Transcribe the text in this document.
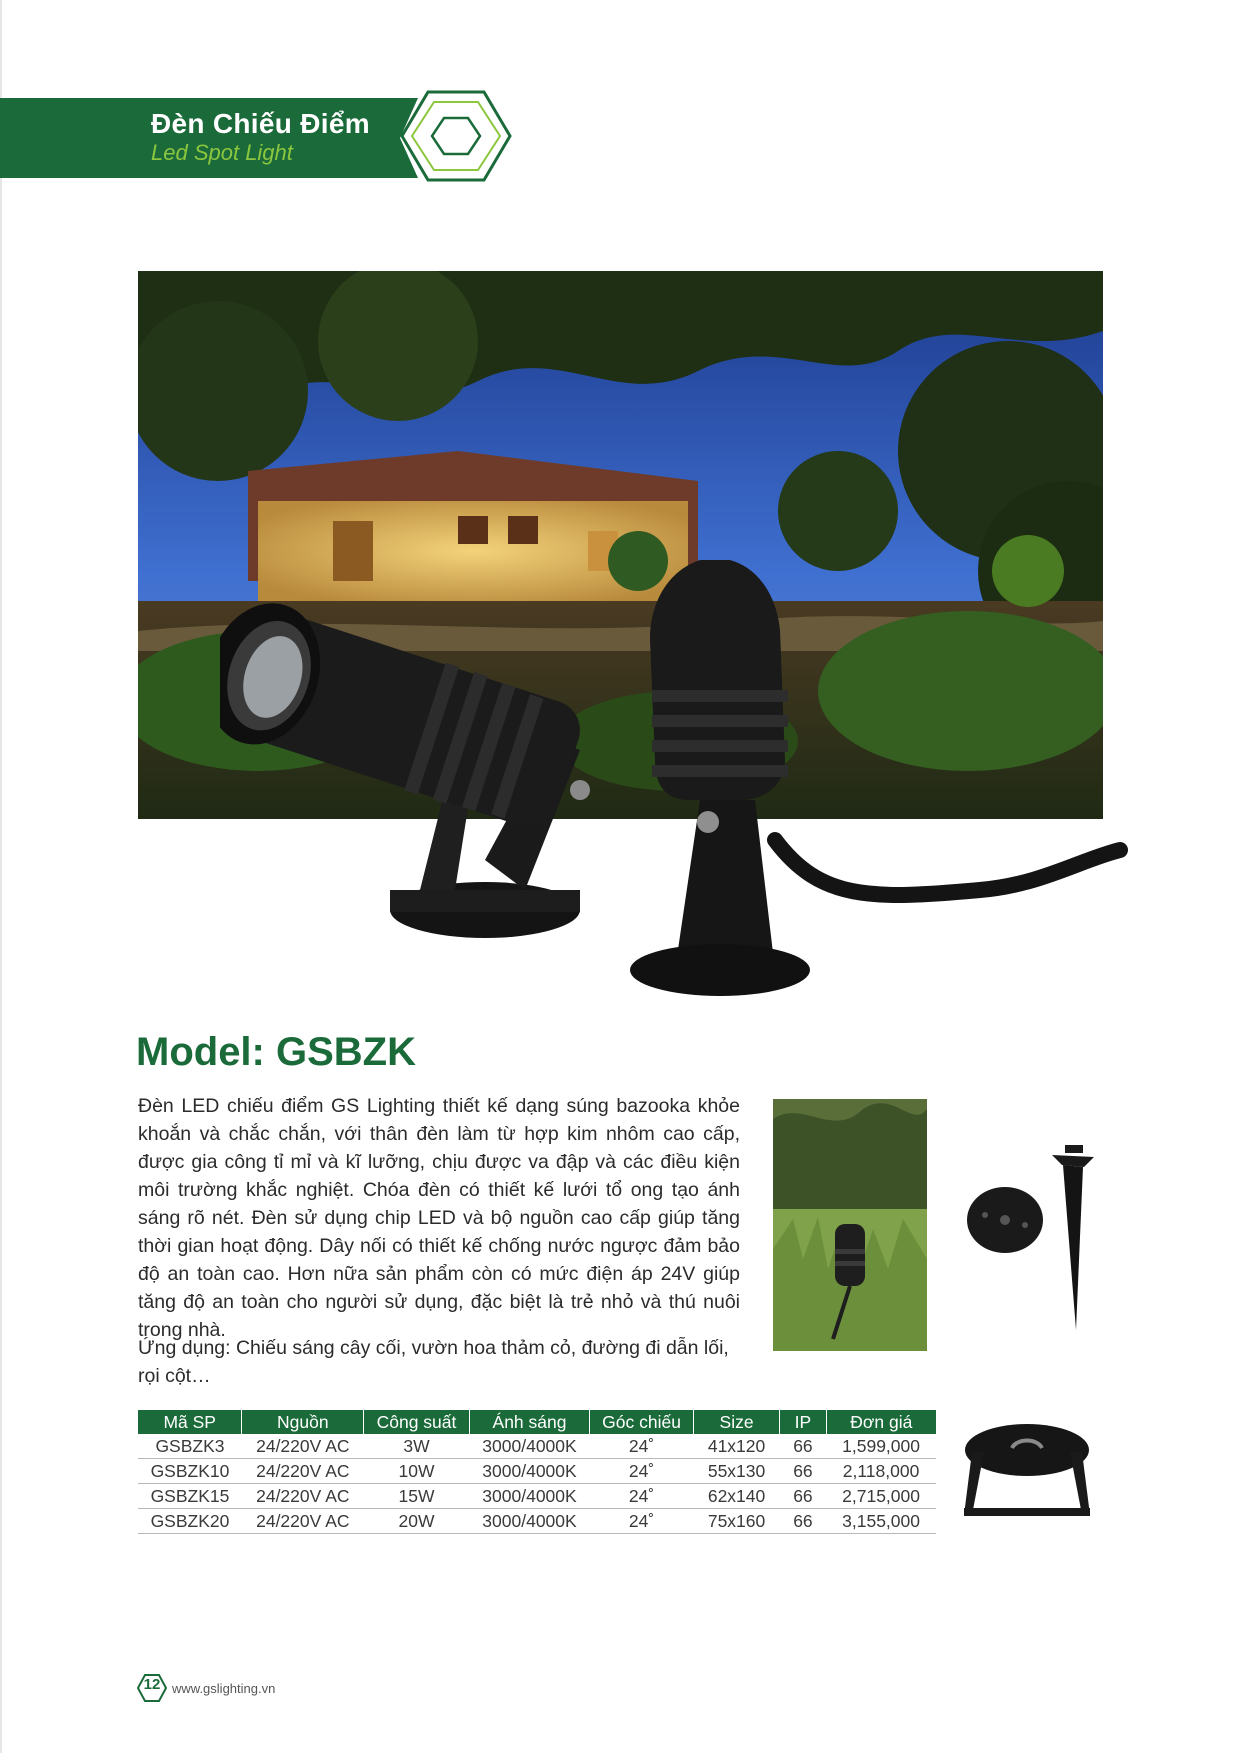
Đèn Chiếu Điểm
Led Spot Light
Model: GSBZK
Đèn LED chiếu điểm GS Lighting thiết kế dạng súng bazooka khỏe khoắn và chắc chắn, với thân đèn làm từ hợp kim nhôm cao cấp, được gia công tỉ mỉ và kĩ lưỡng, chịu được va đập và các điều kiện môi trường khắc nghiệt. Chóa đèn có thiết kế lưới tổ ong tạo ánh sáng rõ nét. Đèn sử dụng chip LED và bộ nguồn cao cấp giúp tăng thời gian hoạt động. Dây nối có thiết kế chống nước ngược đảm bảo độ an toàn cao. Hơn nữa sản phẩm còn có mức điện áp 24V giúp tăng độ an toàn cho người sử dụng, đặc biệt là trẻ nhỏ và thú nuôi trong nhà.
Ứng dụng: Chiếu sáng cây cối, vườn hoa thảm cỏ, đường đi dẫn lối, rọi cột…
Mã SP	Nguồn	Công suất	Ánh sáng	Góc chiếu	Size	IP	Đơn giá
GSBZK3	24/220V AC	3W	3000/4000K	24˚	41x120	66	1,599,000
GSBZK10	24/220V AC	10W	3000/4000K	24˚	55x130	66	2,118,000
GSBZK15	24/220V AC	15W	3000/4000K	24˚	62x140	66	2,715,000
GSBZK20	24/220V AC	20W	3000/4000K	24˚	75x160	66	3,155,000
12 www.gslighting.vn
